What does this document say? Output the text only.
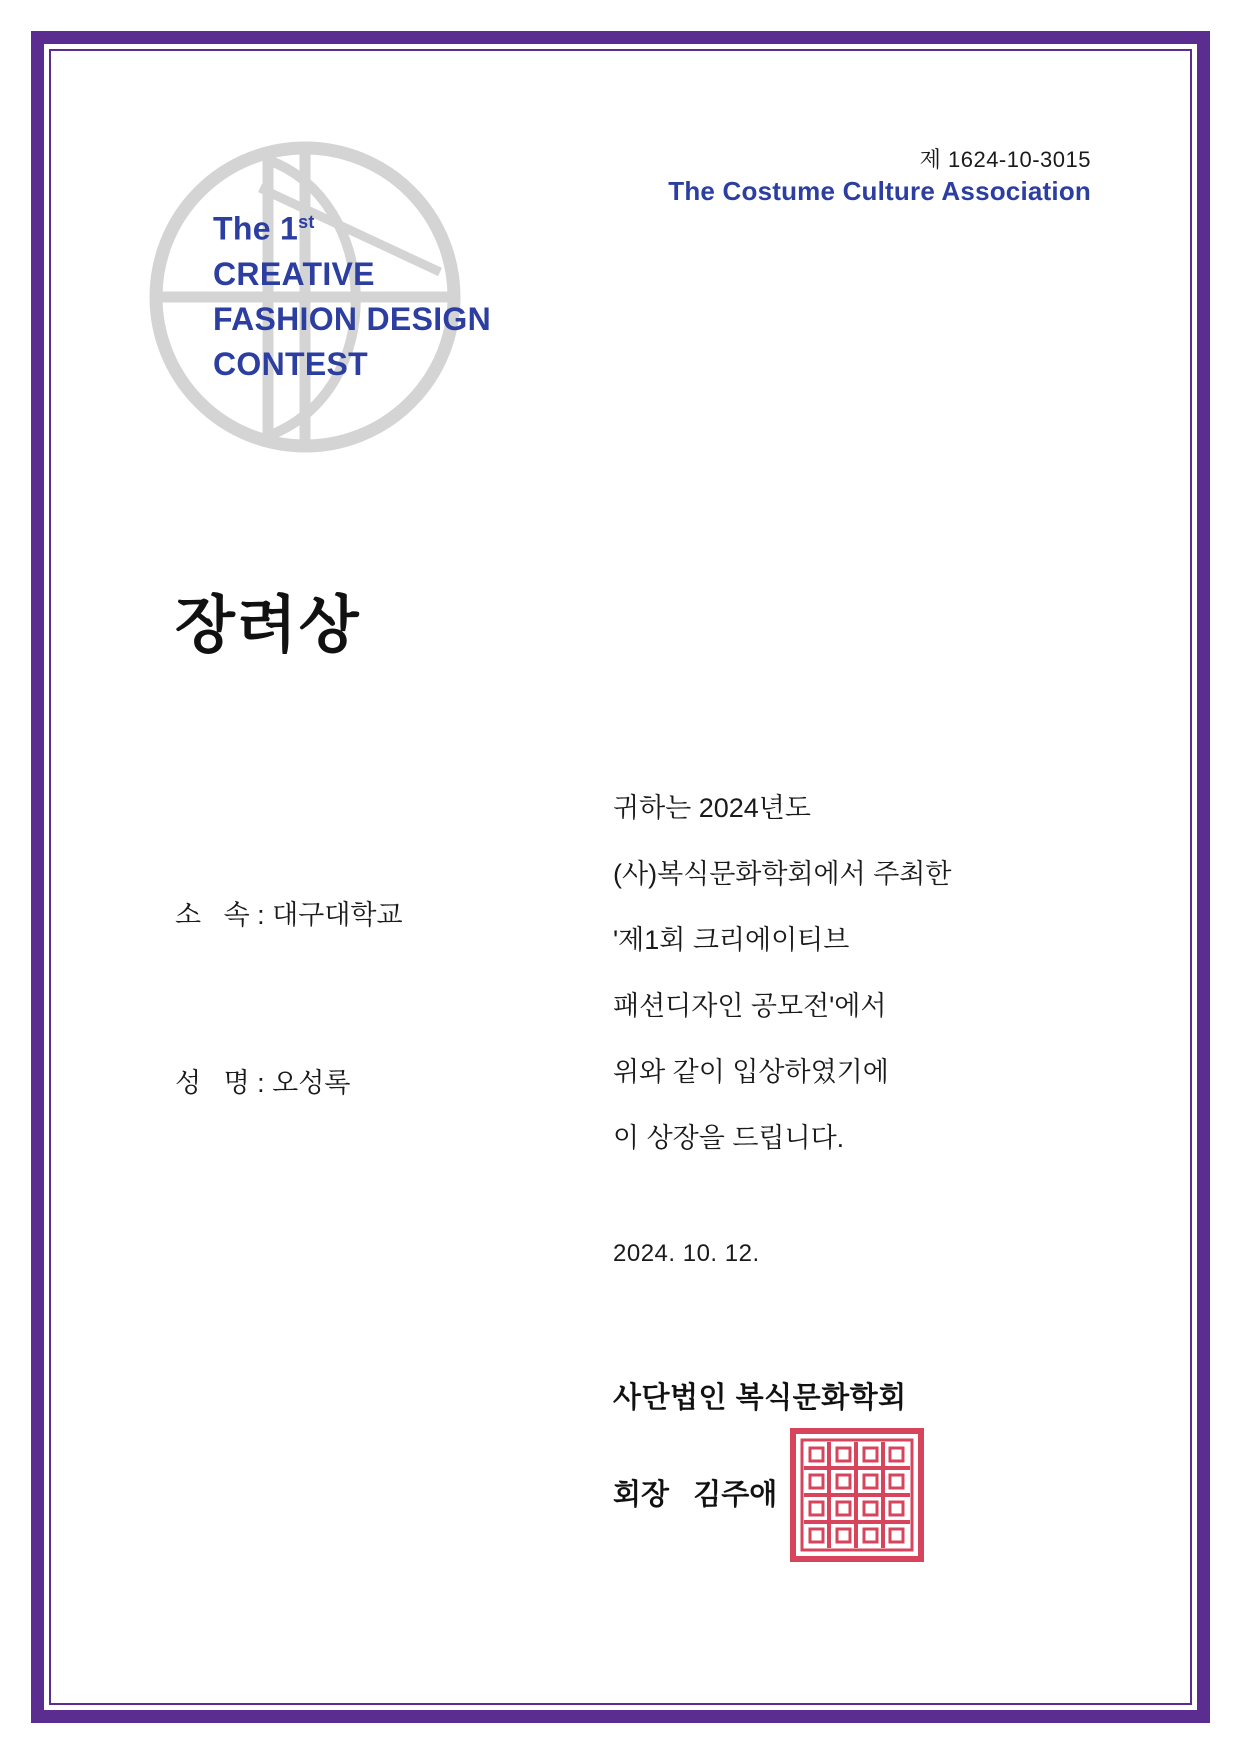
제 1624-10-3015
The Costume Culture Association
The 1st
CREATIVE
FASHION DESIGN
CONTEST
장려상

소   속 : 대구대학교

성   명 : 오성록

귀하는 2024년도
(사)복식문화학회에서 주최한
'제1회 크리에이티브
패션디자인 공모전'에서
위와 같이 입상하였기에
이 상장을 드립니다.
2024. 10. 12.
사단법인 복식문화학회
회장   김주애
